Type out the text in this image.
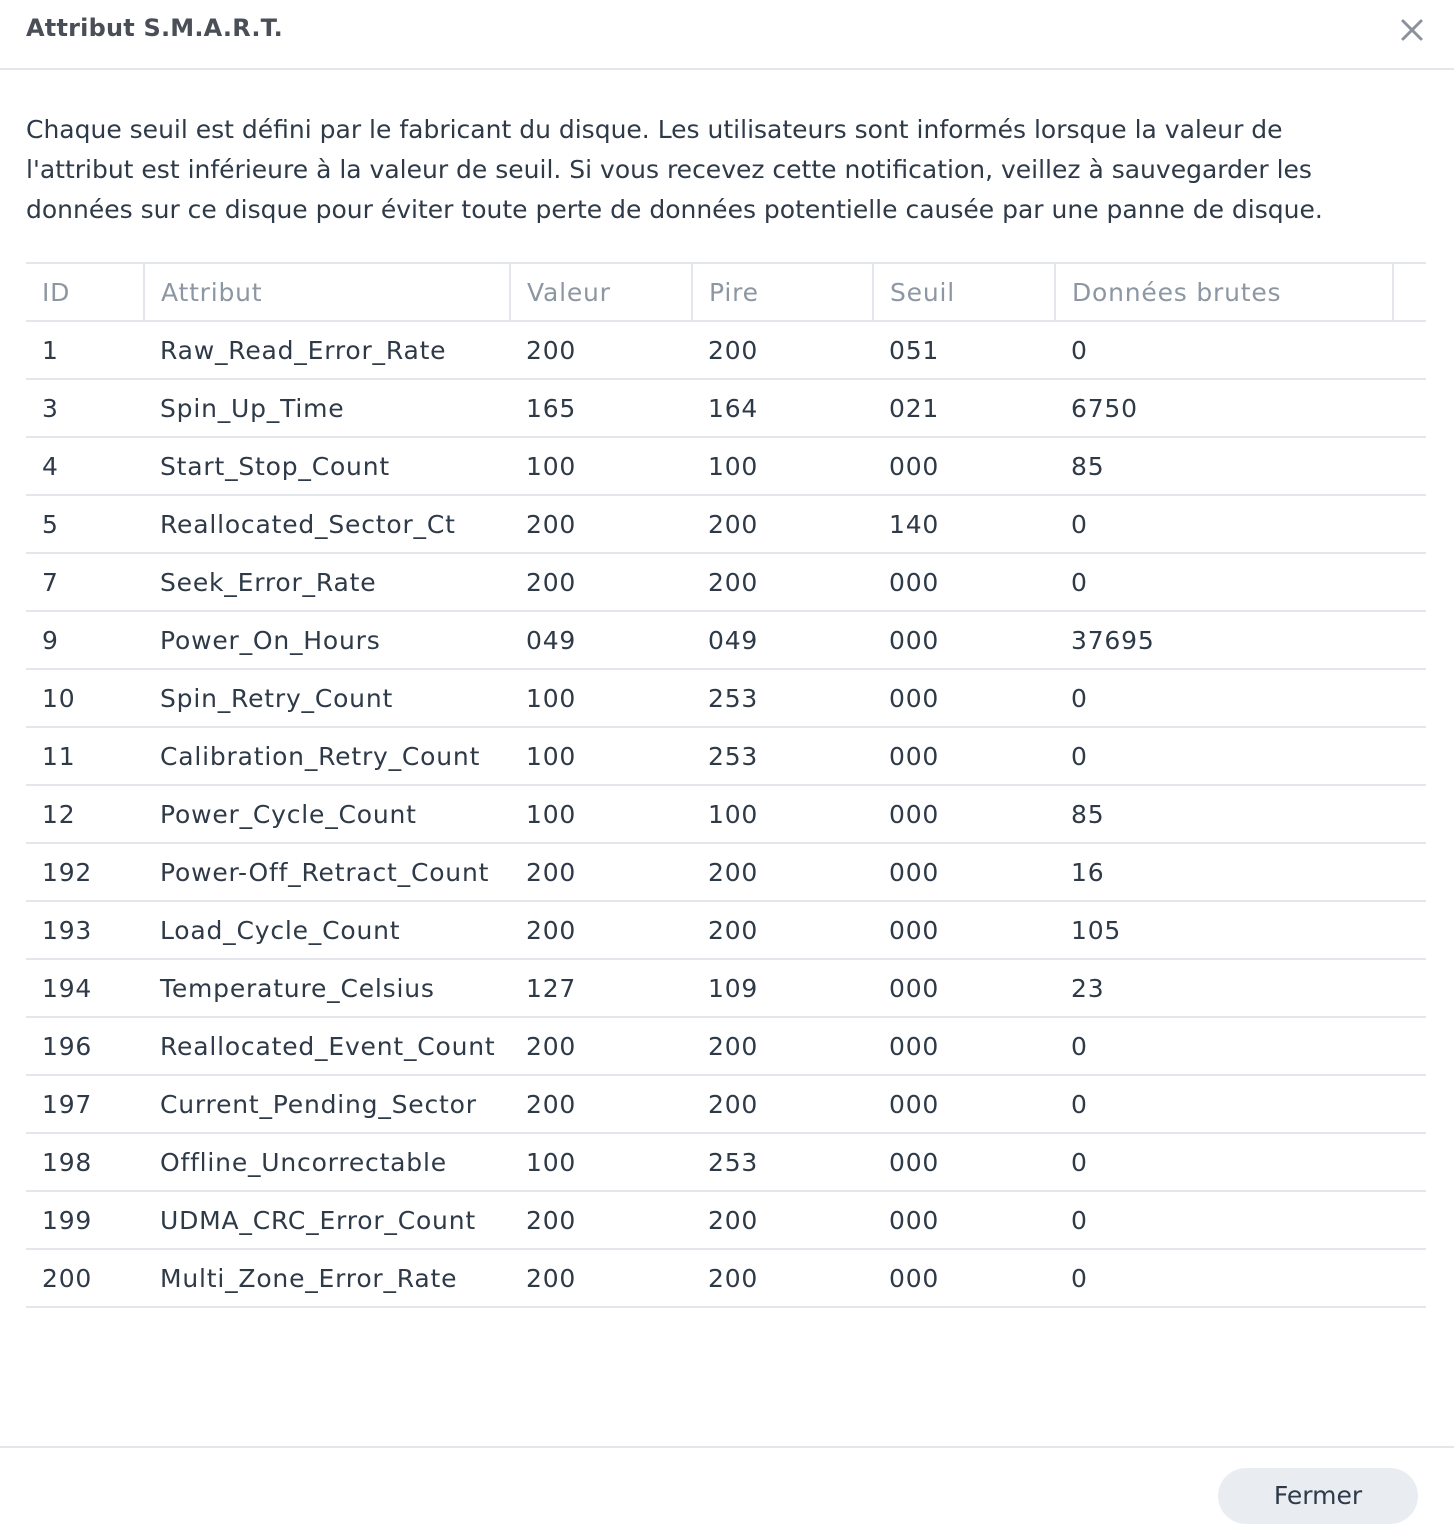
Attribut S.M.A.R.T.
Chaque seuil est défini par le fabricant du disque. Les utilisateurs sont informés lorsque la valeur de
l'attribut est inférieure à la valeur de seuil. Si vous recevez cette notification, veillez à sauvegarder les
données sur ce disque pour éviter toute perte de données potentielle causée par une panne de disque.
ID	Attribut	Valeur	Pire	Seuil	Données brutes	
1	Raw_Read_Error_Rate	200	200	051	0	
3	Spin_Up_Time	165	164	021	6750	
4	Start_Stop_Count	100	100	000	85	
5	Reallocated_Sector_Ct	200	200	140	0	
7	Seek_Error_Rate	200	200	000	0	
9	Power_On_Hours	049	049	000	37695	
10	Spin_Retry_Count	100	253	000	0	
11	Calibration_Retry_Count	100	253	000	0	
12	Power_Cycle_Count	100	100	000	85	
192	Power-Off_Retract_Count	200	200	000	16	
193	Load_Cycle_Count	200	200	000	105	
194	Temperature_Celsius	127	109	000	23	
196	Reallocated_Event_Count	200	200	000	0	
197	Current_Pending_Sector	200	200	000	0	
198	Offline_Uncorrectable	100	253	000	0	
199	UDMA_CRC_Error_Count	200	200	000	0	
200	Multi_Zone_Error_Rate	200	200	000	0	
Fermer
